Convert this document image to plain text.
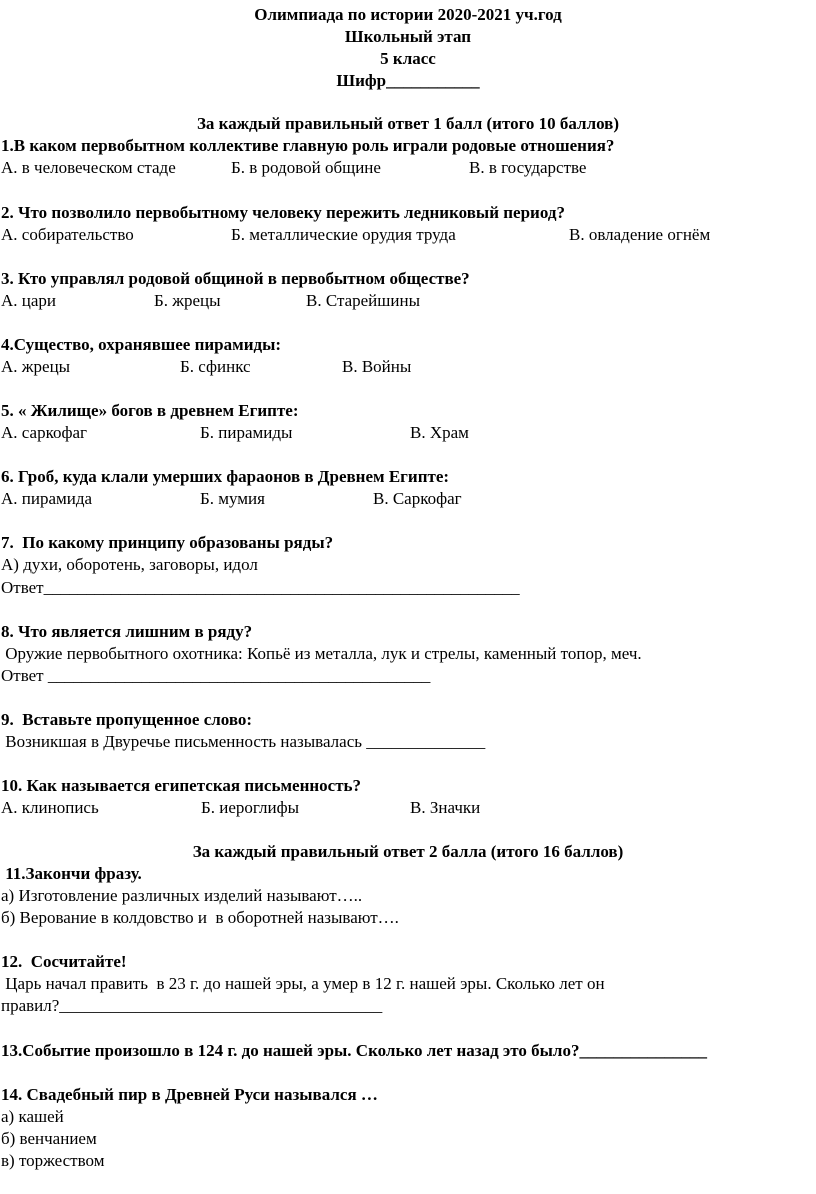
Олимпиада по истории 2020-2021 уч.год
Школьный этап
5 класс
Шифр___________
За каждый правильный ответ 1 балл (итого 10 баллов)
1.В каком первобытном коллективе главную роль играли родовые отношения?
А. в человеческом стаде	Б. в родовой общине	В. в государстве
2. Что позволило первобытному человеку пережить ледниковый период?
А. собирательство	Б. металлические орудия труда	В. овладение огнём
3. Кто управлял родовой общиной в первобытном обществе?
А. цари	Б. жрецы	В. Старейшины
4.Существо, охранявшее пирамиды:
А. жрецы	Б. сфинкс	В. Войны
5. « Жилище» богов в древнем Египте:
А. саркофаг	Б. пирамиды	В. Храм
6. Гроб, куда клали умерших фараонов в Древнем Египте:
А. пирамида	Б. мумия	В. Саркофаг
7.  По какому принципу образованы ряды?
А) духи, оборотень, заговоры, идол
Ответ________________________________________________________
8. Что является лишним в ряду?
Оружие первобытного охотника: Копьё из металла, лук и стрелы, каменный топор, меч.
Ответ _____________________________________________
9.  Вставьте пропущенное слово:
Возникшая в Двуречье письменность называлась ______________
10. Как называется египетская письменность?
А. клинопись	Б. иероглифы	В. Значки
За каждый правильный ответ 2 балла (итого 16 баллов)
11.Закончи фразу.
а) Изготовление различных изделий называют…..
б) Верование в колдовство и  в оборотней называют….
12.  Сосчитайте!
Царь начал править  в 23 г. до нашей эры, а умер в 12 г. нашей эры. Сколько лет он
правил?______________________________________
13.Событие произошло в 124 г. до нашей эры. Сколько лет назад это было?_______________
14. Свадебный пир в Древней Руси назывался …
а) кашей
б) венчанием
в) торжеством
